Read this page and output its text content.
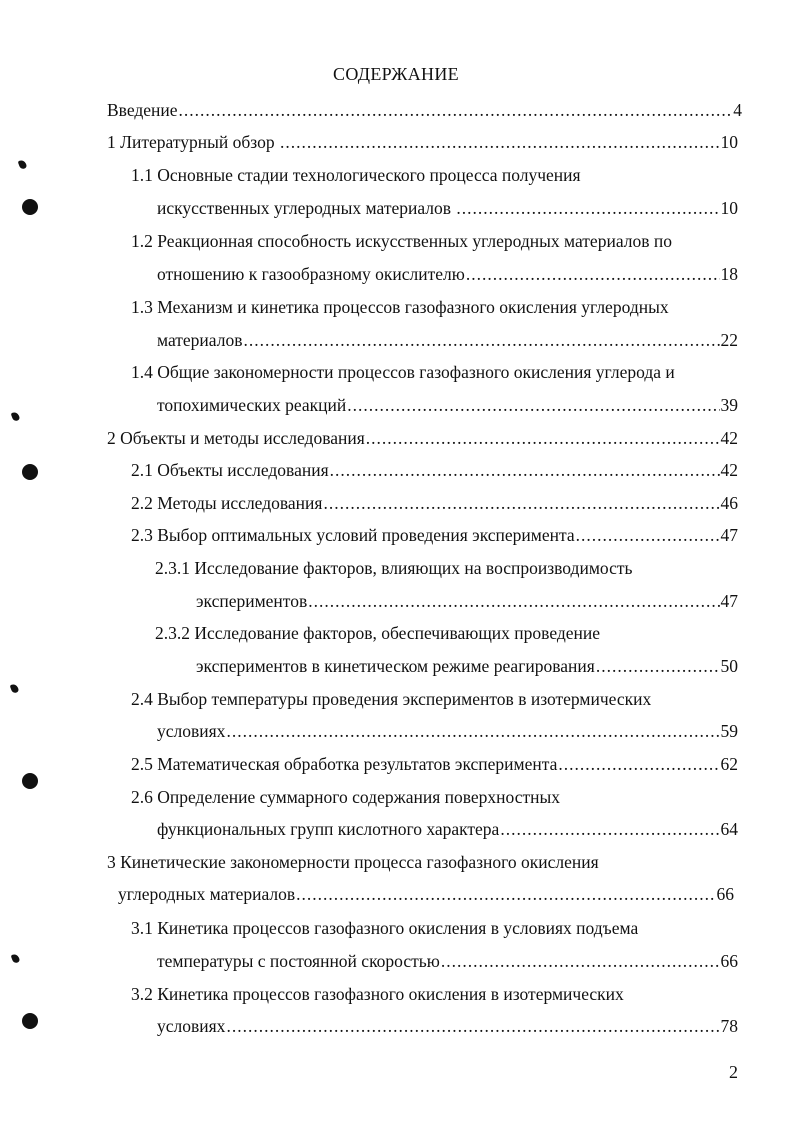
СОДЕРЖАНИЕ
Введение .....	4
1 Литературный обзор .....	10
1.1 Основные стадии технологического процесса получения
искусственных углеродных материалов .....	10
1.2 Реакционная способность искусственных углеродных материалов по
отношению к газообразному окислителю .....	18
1.3 Механизм и кинетика процессов газофазного окисления углеродных
материалов .....	22
1.4 Общие закономерности процессов газофазного окисления углерода и
топохимических реакций .....	39
2 Объекты и методы исследования .....	42
2.1 Объекты исследования .....	42
2.2 Методы исследования .....	46
2.3 Выбор оптимальных условий проведения эксперимента .....	47
2.3.1 Исследование факторов, влияющих на воспроизводимость
экспериментов .....	47
2.3.2 Исследование факторов, обеспечивающих проведение
экспериментов в кинетическом режиме реагирования .....	50
2.4 Выбор температуры проведения экспериментов в изотермических
условиях .....	59
2.5 Математическая обработка результатов эксперимента .....	62
2.6 Определение суммарного содержания поверхностных
функциональных групп кислотного характера .....	64
3 Кинетические закономерности процесса газофазного окисления
углеродных материалов .....	66
3.1 Кинетика процессов газофазного окисления в условиях подъема
температуры с постоянной скоростью .....	66
3.2 Кинетика процессов газофазного окисления в изотермических
условиях .....	78
2
